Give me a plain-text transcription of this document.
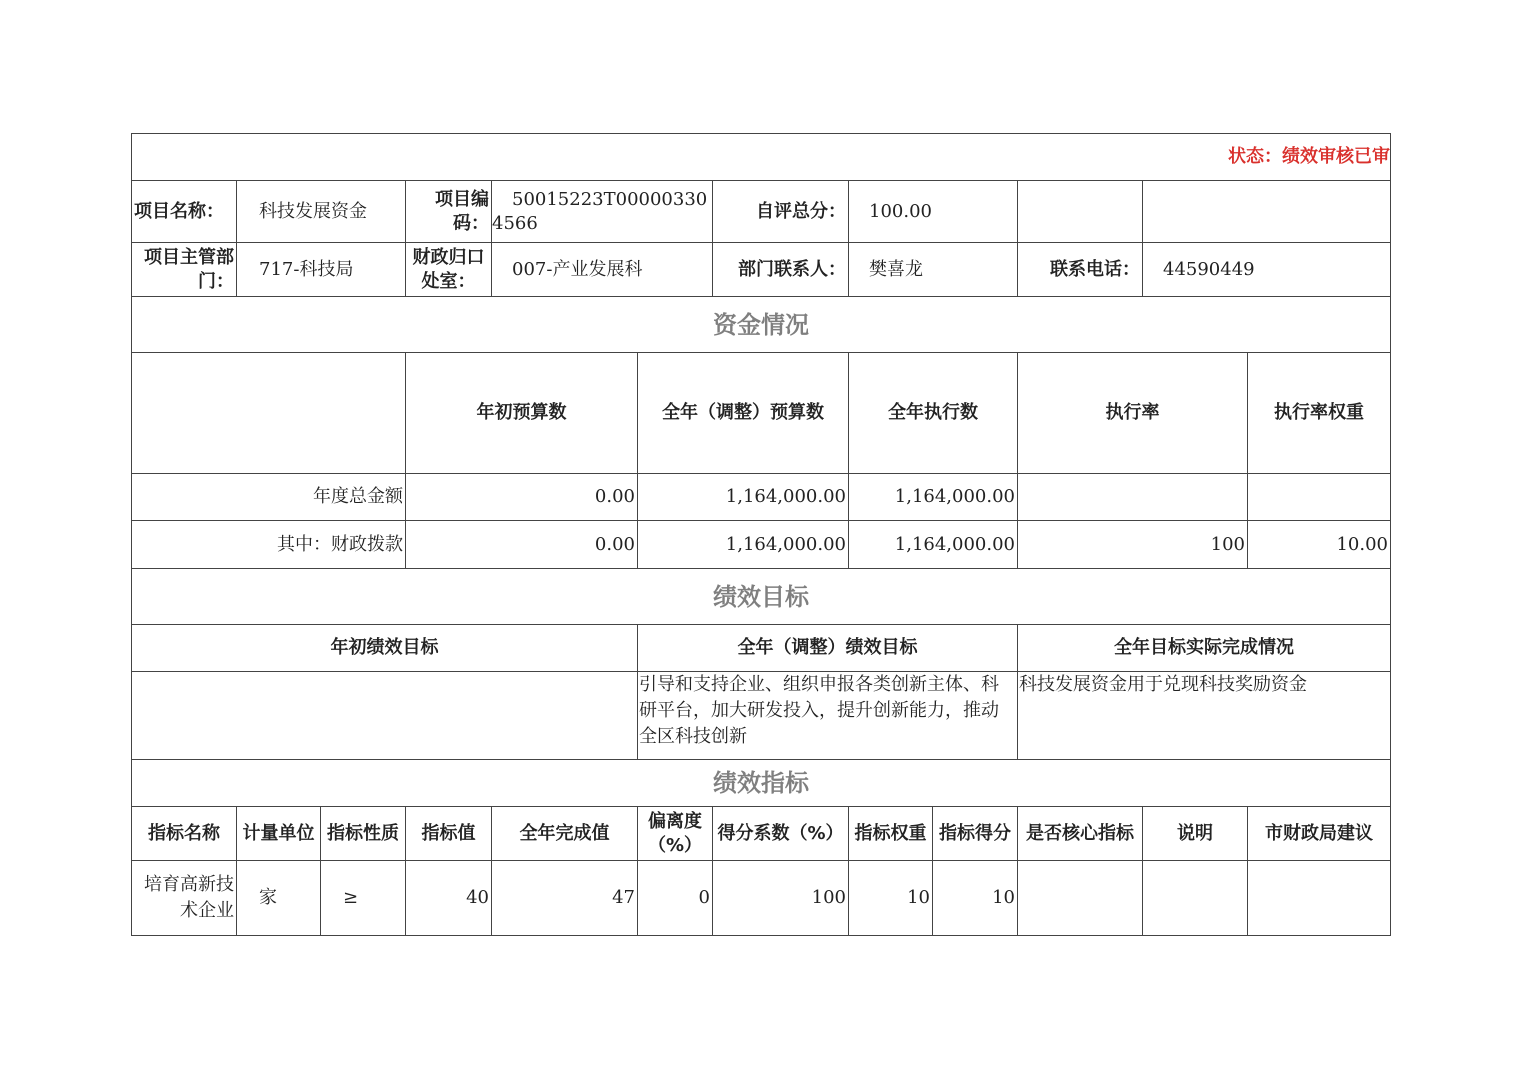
状态：绩效审核已审												
项目名称：	科技发展资金		项目编码：	50015223T000003304566		自评总分：	100.00					
项目主管部门：	717-科技局		财政归口处室：	007-产业发展科		部门联系人：	樊喜龙		联系电话：	44590449		
资金情况												
			年初预算数		全年（调整）预算数		全年执行数		执行率		执行率权重	
年度总金额			0.00		1,164,000.00		1,164,000.00					
其中：财政拨款			0.00		1,164,000.00		1,164,000.00		100		10.00	
绩效目标												
年初绩效目标					全年（调整）绩效目标				全年目标实际完成情况			
					引导和支持企业、组织申报各类创新主体、科研平台，加大研发投入，提升创新能力，推动全区科技创新				科技发展资金用于兑现科技奖励资金			
绩效指标												
指标名称	计量单位	指标性质	指标值	全年完成值	偏离度（%）	得分系数（%）	指标权重	指标得分	是否核心指标	说明	市财政局建议	
培育高新技术企业	家	≥	40	47	0	100	10	10				
